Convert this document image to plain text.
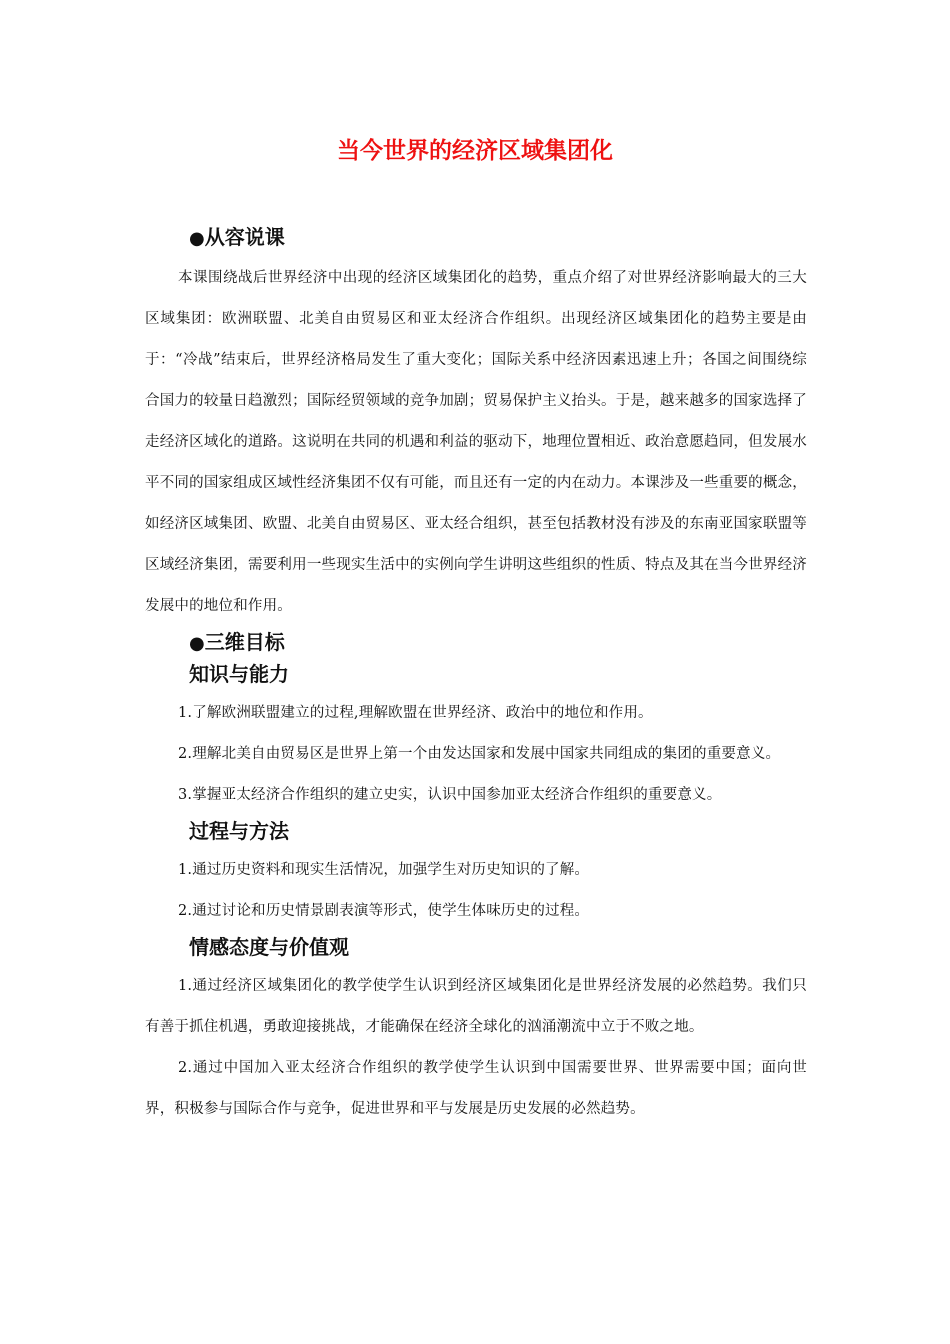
当今世界的经济区域集团化
●从容说课

本课围绕战后世界经济中出现的经济区域集团化的趋势，重点介绍了对世界经济影响最大的三大区域集团：欧洲联盟、北美自由贸易区和亚太经济合作组织。出现经济区域集团化的趋势主要是由于：“冷战”结束后，世界经济格局发生了重大变化；国际关系中经济因素迅速上升；各国之间围绕综合国力的较量日趋激烈；国际经贸领域的竞争加剧；贸易保护主义抬头。于是，越来越多的国家选择了走经济区域化的道路。这说明在共同的机遇和利益的驱动下，地理位置相近、政治意愿趋同，但发展水平不同的国家组成区域性经济集团不仅有可能，而且还有一定的内在动力。本课涉及一些重要的概念，如经济区域集团、欧盟、北美自由贸易区、亚太经合组织，甚至包括教材没有涉及的东南亚国家联盟等区域经济集团，需要利用一些现实生活中的实例向学生讲明这些组织的性质、特点及其在当今世界经济发展中的地位和作用。

●三维目标
知识与能力

1.了解欧洲联盟建立的过程,理解欧盟在世界经济、政治中的地位和作用。

2.理解北美自由贸易区是世界上第一个由发达国家和发展中国家共同组成的集团的重要意义。

3.掌握亚太经济合作组织的建立史实，认识中国参加亚太经济合作组织的重要意义。

过程与方法

1.通过历史资料和现实生活情况，加强学生对历史知识的了解。

2.通过讨论和历史情景剧表演等形式，使学生体味历史的过程。

情感态度与价值观

1.通过经济区域集团化的教学使学生认识到经济区域集团化是世界经济发展的必然趋势。我们只有善于抓住机遇，勇敢迎接挑战，才能确保在经济全球化的汹涌潮流中立于不败之地。

2.通过中国加入亚太经济合作组织的教学使学生认识到中国需要世界、世界需要中国；面向世界，积极参与国际合作与竞争，促进世界和平与发展是历史发展的必然趋势。
